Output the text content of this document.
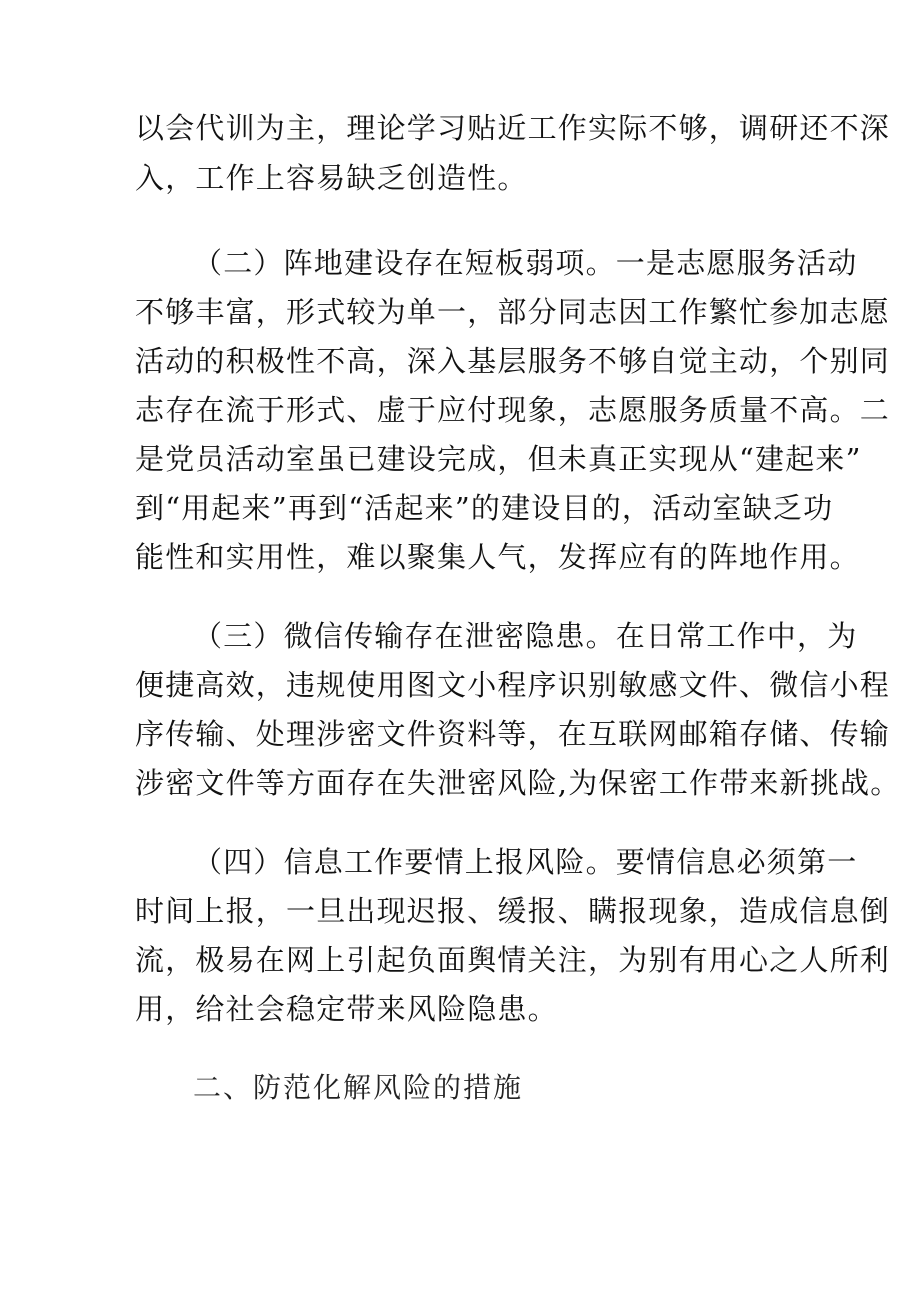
以会代训为主，理论学习贴近工作实际不够，调研还不深
入，工作上容易缺乏创造性。
（二）阵地建设存在短板弱项。一是志愿服务活动
不够丰富，形式较为单一，部分同志因工作繁忙参加志愿
活动的积极性不高，深入基层服务不够自觉主动，个别同
志存在流于形式、虚于应付现象，志愿服务质量不高。二
是党员活动室虽已建设完成，但未真正实现从“建起来”
到“用起来”再到“活起来”的建设目的，活动室缺乏功
能性和实用性，难以聚集人气，发挥应有的阵地作用。
（三）微信传输存在泄密隐患。在日常工作中，为
便捷高效，违规使用图文小程序识别敏感文件、微信小程
序传输、处理涉密文件资料等，在互联网邮箱存储、传输
涉密文件等方面存在失泄密风险,为保密工作带来新挑战。
（四）信息工作要情上报风险。要情信息必须第一
时间上报，一旦出现迟报、缓报、瞒报现象，造成信息倒
流，极易在网上引起负面舆情关注，为别有用心之人所利
用，给社会稳定带来风险隐患。
二、防范化解风险的措施
